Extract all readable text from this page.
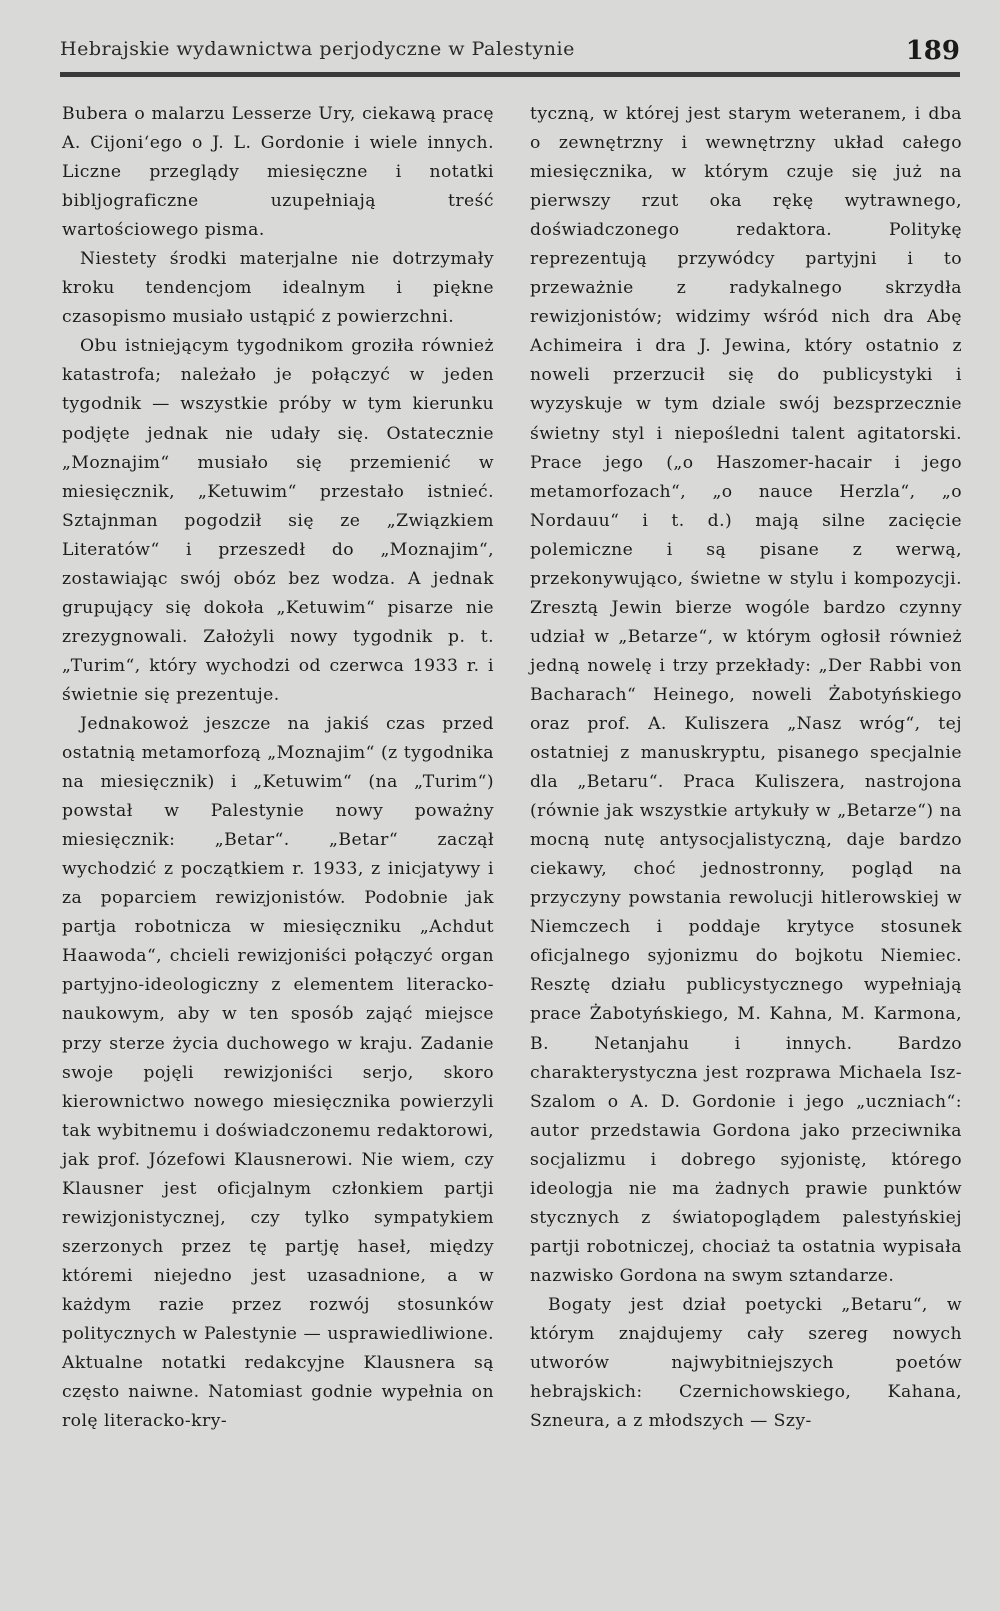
Hebrajskie wydawnictwa perjodyczne w Palestynie	189

Bubera o malarzu Lesserze Ury, ciekawą pracę A. Cijoni‘ego o J. L. Gordonie i wiele innych. Liczne przeglądy miesięczne i notatki bibljograficzne uzupełniają treść wartościowego pisma.

Niestety środki materjalne nie dotrzymały kroku tendencjom idealnym i piękne czasopismo musiało ustąpić z powierzchni.

Obu istniejącym tygodnikom groziła również katastrofa; należało je połączyć w jeden tygodnik — wszystkie próby w tym kierunku podjęte jednak nie udały się. Ostatecznie „Moznajim“ musiało się przemienić w miesięcznik, „Ketuwim“ przestało istnieć. Sztajnman pogodził się ze „Związkiem Literatów“ i przeszedł do „Moznajim“, zostawiając swój obóz bez wodza. A jednak grupujący się dokoła „Ketuwim“ pisarze nie zrezygnowali. Założyli nowy tygodnik p. t. „Turim“, który wychodzi od czerwca 1933 r. i świetnie się prezentuje.

Jednakowoż jeszcze na jakiś czas przed ostatnią metamorfozą „Moznajim“ (z tygodnika na miesięcznik) i „Ketuwim“ (na „Turim“) powstał w Palestynie nowy poważny miesięcznik: „Betar“. „Betar“ zaczął wychodzić z początkiem r. 1933, z inicjatywy i za poparciem rewizjonistów. Podobnie jak partja robotnicza w miesięczniku „Achdut Haawoda“, chcieli rewizjoniści połączyć organ partyjno-ideologiczny z elementem literacko-naukowym, aby w ten sposób zająć miejsce przy sterze życia duchowego w kraju. Zadanie swoje pojęli rewizjoniści serjo, skoro kierownictwo nowego miesięcznika powierzyli tak wybitnemu i doświadczonemu redaktorowi, jak prof. Józefowi Klausnerowi. Nie wiem, czy Klausner jest oficjalnym członkiem partji rewizjonistycznej, czy tylko sympatykiem szerzonych przez tę partję haseł, między któremi niejedno jest uzasadnione, a w każdym razie przez rozwój stosunków politycznych w Palestynie — usprawiedliwione. Aktualne notatki redakcyjne Klausnera są często naiwne. Natomiast godnie wypełnia on rolę literacko-kry-

tyczną, w której jest starym weteranem, i dba o zewnętrzny i wewnętrzny układ całego miesięcznika, w którym czuje się już na pierwszy rzut oka rękę wytrawnego, doświadczonego redaktora. Politykę reprezentują przywódcy partyjni i to przeważnie z radykalnego skrzydła rewizjonistów; widzimy wśród nich dra Abę Achimeira i dra J. Jewina, który ostatnio z noweli przerzucił się do publicystyki i wyzyskuje w tym dziale swój bezsprzecznie świetny styl i niepośledni talent agitatorski. Prace jego („o Haszomer-hacair i jego metamorfozach“, „o nauce Herzla“, „o Nordauu“ i t. d.) mają silne zacięcie polemiczne i są pisane z werwą, przekonywująco, świetne w stylu i kompozycji. Zresztą Jewin bierze wogóle bardzo czynny udział w „Betarze“, w którym ogłosił również jedną nowelę i trzy przekłady: „Der Rabbi von Bacharach“ Heinego, noweli Żabotyńskiego oraz prof. A. Kuliszera „Nasz wróg“, tej ostatniej z manuskryptu, pisanego specjalnie dla „Betaru“. Praca Kuliszera, nastrojona (równie jak wszystkie artykuły w „Betarze“) na mocną nutę antysocjalistyczną, daje bardzo ciekawy, choć jednostronny, pogląd na przyczyny powstania rewolucji hitlerowskiej w Niemczech i poddaje krytyce stosunek oficjalnego syjonizmu do bojkotu Niemiec. Resztę działu publicystycznego wypełniają prace Żabotyńskiego, M. Kahna, M. Karmona, B. Netanjahu i innych. Bardzo charakterystyczna jest rozprawa Michaela Isz-Szalom o A. D. Gordonie i jego „uczniach“: autor przedstawia Gordona jako przeciwnika socjalizmu i dobrego syjonistę, którego ideologja nie ma żadnych prawie punktów stycznych z światopoglądem palestyńskiej partji robotniczej, chociaż ta ostatnia wypisała nazwisko Gordona na swym sztandarze.

Bogaty jest dział poetycki „Betaru“, w którym znajdujemy cały szereg nowych utworów najwybitniejszych poetów hebrajskich: Czernichowskiego, Kahana, Szneura, a z młodszych — Szy-
